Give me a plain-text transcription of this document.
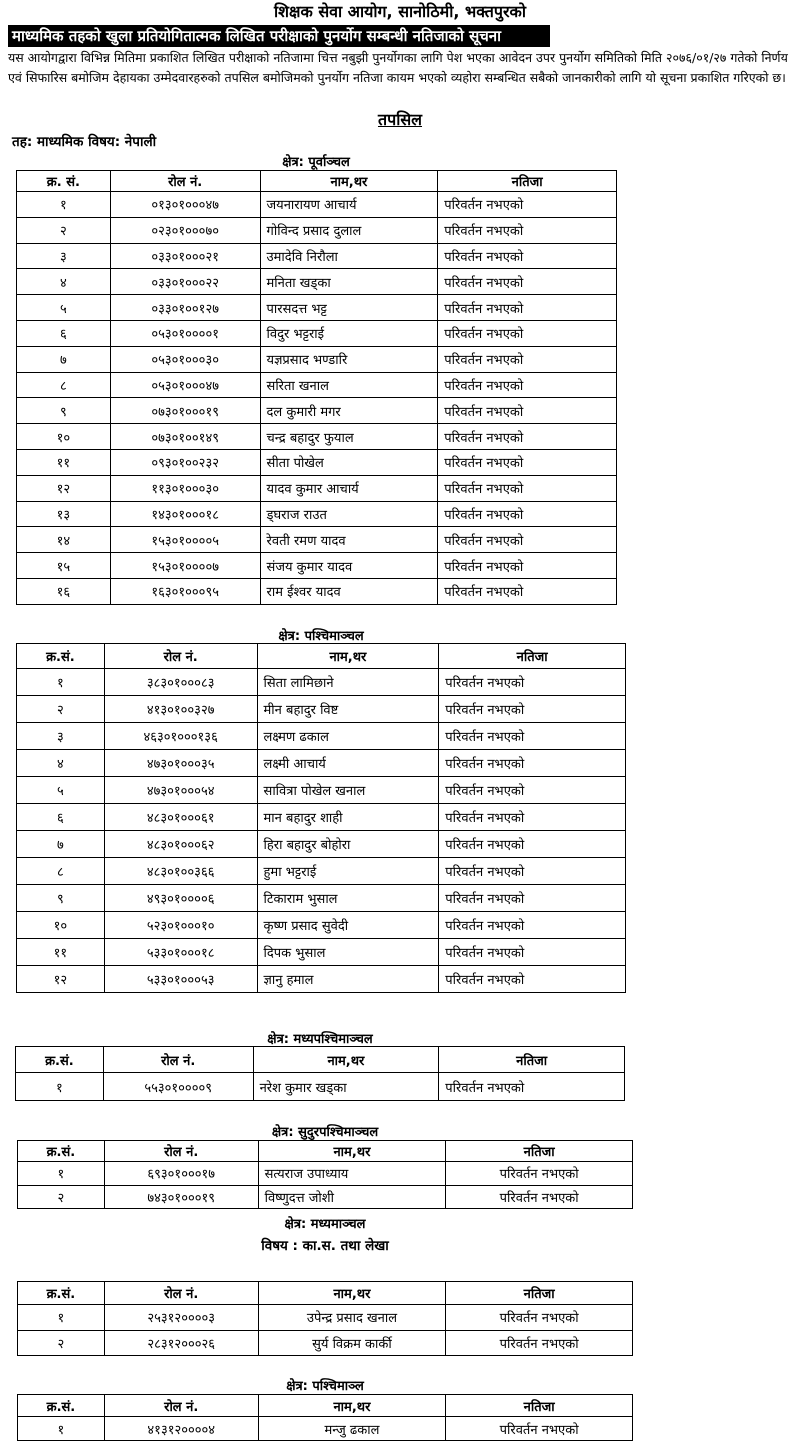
शिक्षक सेवा आयोग, सानोठिमी, भक्तपुरको
माध्यमिक तहको खुला प्रतियोगितात्मक लिखित परीक्षाको पुनर्योग सम्बन्धी नतिजाको सूचना
यस आयोगद्वारा विभिन्न मितिमा प्रकाशित लिखित परीक्षाको नतिजामा चित्त नबुझी पुनर्योगका लागि पेश भएका आवेदन उपर पुनर्योग समितिको मिति २०७६/०१/२७ गतेको निर्णय एवं सिफारिस बमोजिम देहायका उम्मेदवारहरुको तपसिल बमोजिमको पुनर्योग नतिजा कायम भएको व्यहोरा सम्बन्धित सबैको जानकारीको लागि यो सूचना प्रकाशित गरिएको छ।
तपसिल
तह: माध्यमिक विषय: नेपाली
क्षेत्र: पूर्वाञ्चल
क्र. सं.	रोल नं.	नाम,थर	नतिजा
१	०१३०१०००४७	जयनारायण आचार्य	परिवर्तन नभएको
२	०२३०१०००७०	गोविन्द प्रसाद दुलाल	परिवर्तन नभएको
३	०३३०१०००२१	उमादेवि निरौला	परिवर्तन नभएको
४	०३३०१०००२२	मनिता खड्का	परिवर्तन नभएको
५	०३३०१००१२७	पारसदत्त भट्ट	परिवर्तन नभएको
६	०५३०१००००१	विदुर भट्टराई	परिवर्तन नभएको
७	०५३०१०००३०	यज्ञप्रसाद भण्डारि	परिवर्तन नभएको
८	०५३०१०००४७	सरिता खनाल	परिवर्तन नभएको
९	०७३०१०००१९	दल कुमारी मगर	परिवर्तन नभएको
१०	०७३०१००१४९	चन्द्र बहादुर फुयाल	परिवर्तन नभएको
११	०९३०१००२३२	सीता पोखेल	परिवर्तन नभएको
१२	११३०१०००३०	यादव कुमार आचार्य	परिवर्तन नभएको
१३	१४३०१०००१८	ड्घराज राउत	परिवर्तन नभएको
१४	१५३०१००००५	रेवती रमण यादव	परिवर्तन नभएको
१५	१५३०१००००७	संजय कुमार यादव	परिवर्तन नभएको
१६	१६३०१०००९५	राम ईश्वर यादव	परिवर्तन नभएको
क्षेत्र: पश्चिमाञ्चल
क्र.सं.	रोल नं.	नाम,थर	नतिजा
१	३८३०१०००८३	सिता लामिछाने	परिवर्तन नभएको
२	४१३०१००३२७	मीन बहादुर विष्ट	परिवर्तन नभएको
३	४६३०१०००१३६	लक्ष्मण ढकाल	परिवर्तन नभएको
४	४७३०१०००३५	लक्ष्मी आचार्य	परिवर्तन नभएको
५	४७३०१०००५४	सावित्रा पोखेल खनाल	परिवर्तन नभएको
६	४८३०१०००६१	मान बहादुर शाही	परिवर्तन नभएको
७	४८३०१०००६२	हिरा बहादुर बोहोरा	परिवर्तन नभएको
८	४८३०१००३६६	हुमा भट्टराई	परिवर्तन नभएको
९	४९३०१००००६	टिकाराम भुसाल	परिवर्तन नभएको
१०	५२३०१०००१०	कृष्ण प्रसाद सुवेदी	परिवर्तन नभएको
११	५३३०१०००१८	दिपक भुसाल	परिवर्तन नभएको
१२	५३३०१०००५३	ज्ञानु हमाल	परिवर्तन नभएको
क्षेत्र: मध्यपश्चिमाञ्चल
क्र.सं.	रोल नं.	नाम,थर	नतिजा
१	५५३०१००००९	नरेश कुमार खड्का	परिवर्तन नभएको
क्षेत्र: सुदुरपश्चिमाञ्चल
क्र.सं.	रोल नं.	नाम,थर	नतिजा
१	६९३०१०००१७	सत्यराज उपाध्याय	परिवर्तन नभएको
२	७४३०१०००१९	विष्णुदत्त जोशी	परिवर्तन नभएको
क्षेत्र: मध्यमाञ्चल
विषय : का.स. तथा लेखा
क्र.सं.	रोल नं.	नाम,थर	नतिजा
१	२५३१२००००३	उपेन्द्र प्रसाद खनाल	परिवर्तन नभएको
२	२८३१२०००२६	सुर्य विक्रम कार्की	परिवर्तन नभएको
क्षेत्र: पश्चिमाञ्ल
क्र.सं.	रोल नं.	नाम,थर	नतिजा
१	४१३१२००००४	मन्जु ढकाल	परिवर्तन नभएको
